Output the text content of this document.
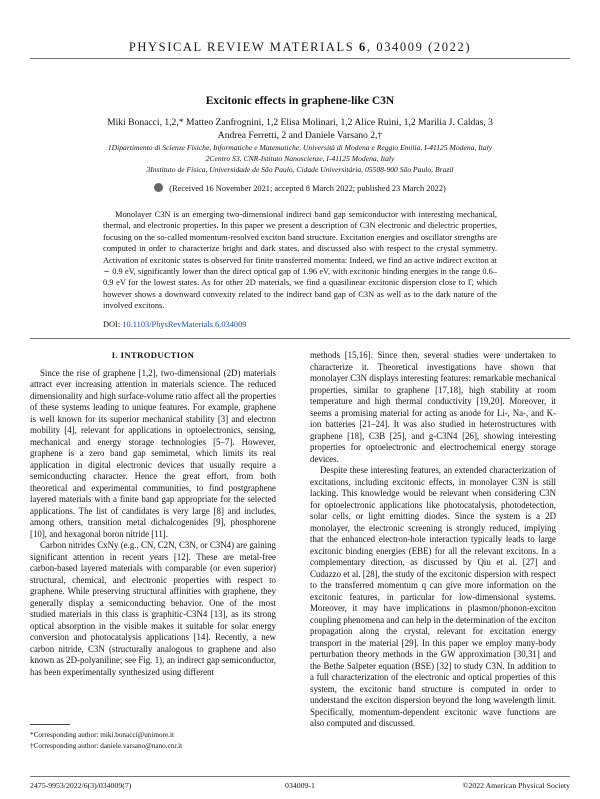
PHYSICAL REVIEW MATERIALS 6, 034009 (2022)
Excitonic effects in graphene-like C3N
Miki Bonacci, 1,2,* Matteo Zanfrognini, 1,2 Elisa Molinari, 1,2 Alice Ruini, 1,2 Marilia J. Caldas, 3
Andrea Ferretti, 2 and Daniele Varsano 2,†
1Dipartimento di Scienze Fisiche, Informatiche e Matematiche, Università di Modena e Reggio Emilia, I-41125 Modena, Italy
2Centro S3, CNR-Istituto Nanoscienze, I-41125 Modena, Italy
3Instituto de Física, Universidade de São Paulo, Cidade Universitária, 05508-900 São Paulo, Brazil
(Received 16 November 2021; accepted 8 March 2022; published 23 March 2022)
Monolayer C3N is an emerging two-dimensional indirect band gap semiconductor with interesting mechanical, thermal, and electronic properties. In this paper we present a description of C3N electronic and dielectric properties, focusing on the so-called momentum-resolved exciton band structure. Excitation energies and oscillator strengths are computed in order to characterize bright and dark states, and discussed also with respect to the crystal symmetry. Activation of excitonic states is observed for finite transferred momenta: Indeed, we find an active indirect exciton at ∼ 0.9 eV, significantly lower than the direct optical gap of 1.96 eV, with excitonic binding energies in the range 0.6–0.9 eV for the lowest states. As for other 2D materials, we find a quasilinear excitonic dispersion close to Γ, which however shows a downward convexity related to the indirect band gap of C3N as well as to the dark nature of the involved excitons.
DOI: 10.1103/PhysRevMaterials.6.034009
I. INTRODUCTION

Since the rise of graphene [1,2], two-dimensional (2D) materials attract ever increasing attention in materials science. The reduced dimensionality and high surface-volume ratio affect all the properties of these systems leading to unique features. For example, graphene is well known for its superior mechanical stability [3] and electron mobility [4], relevant for applications in optoelectronics, sensing, mechanical and energy storage technologies [5–7]. However, graphene is a zero band gap semimetal, which limits its real application in digital electronic devices that usually require a semiconducting character. Hence the great effort, from both theoretical and experimental communities, to find postgraphene layered materials with a finite band gap appropriate for the selected applications. The list of candidates is very large [8] and includes, among others, transition metal dichalcogenides [9], phosphorene [10], and hexagonal boron nitride [11].

Carbon nitrides CxNy (e.g., CN, C2N, C3N, or C3N4) are gaining significant attention in recent years [12]. These are metal-free carbon-based layered materials with comparable (or even superior) structural, chemical, and electronic properties with respect to graphene. While preserving structural affinities with graphene, they generally display a semiconducting behavior. One of the most studied materials in this class is graphitic-C3N4 [13], as its strong optical absorption in the visible makes it suitable for solar energy conversion and photocatalysis applications [14]. Recently, a new carbon nitride, C3N (structurally analogous to graphene and also known as 2D-polyaniline; see Fig. 1), an indirect gap semiconductor, has been experimentally synthesized using different

methods [15,16]. Since then, several studies were undertaken to characterize it. Theoretical investigations have shown that monolayer C3N displays interesting features: remarkable mechanical properties, similar to graphene [17,18], high stability at room temperature and high thermal conductivity [19,20]. Moreover, it seems a promising material for acting as anode for Li-, Na-, and K-ion batteries [21–24]. It was also studied in heterostructures with graphene [18], C3B [25], and g-C3N4 [26], showing interesting properties for optoelectronic and electrochemical energy storage devices.

Despite these interesting features, an extended characterization of excitations, including excitonic effects, in monolayer C3N is still lacking. This knowledge would be relevant when considering C3N for optoelectronic applications like photocatalysis, photodetection, solar cells, or light emitting diodes. Since the system is a 2D monolayer, the electronic screening is strongly reduced, implying that the enhanced electron-hole interaction typically leads to large excitonic binding energies (EBE) for all the relevant excitons. In a complementary direction, as discussed by Qiu et al. [27] and Cudazzo et al. [28], the study of the excitonic dispersion with respect to the transferred momentum q can give more information on the excitonic features, in particular for low-dimensional systems. Moreover, it may have implications in plasmon/phonon-exciton coupling phenomena and can help in the determination of the exciton propagation along the crystal, relevant for excitation energy transport in the material [29]. In this paper we employ many-body perturbation theory methods in the GW approximation [30,31] and the Bethe Salpeter equation (BSE) [32] to study C3N. In addition to a full characterization of the electronic and optical properties of this system, the excitonic band structure is computed in order to understand the exciton dispersion beyond the long wavelength limit. Specifically, momentum-dependent excitonic wave functions are also computed and discussed.

*Corresponding author: miki.bonacci@unimore.it
†Corresponding author: daniele.varsano@nano.cnr.it
2475-9953/2022/6(3)/034009(7)	034009-1	©2022 American Physical Society
